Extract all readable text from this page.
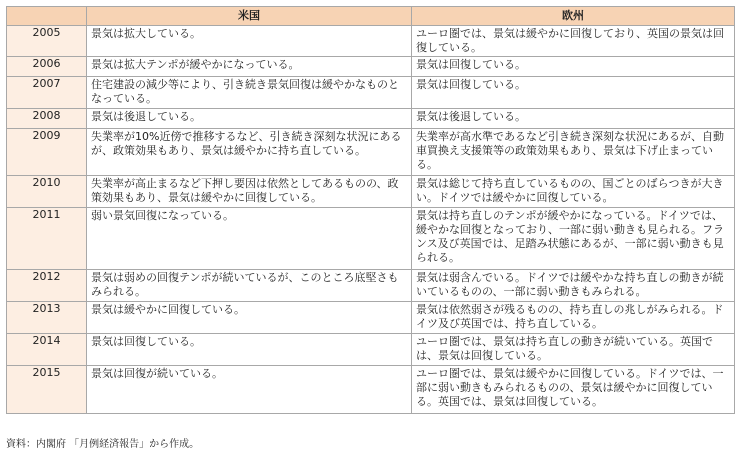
	米国	欧州
2005	景気は拡大している。	ユーロ圏では、景気は緩やかに回復しており、英国の景気は回復している。
2006	景気は拡大テンポが緩やかになっている。	景気は回復している。
2007	住宅建設の減少等により、引き続き景気回復は緩やかなものとなっている。	景気は回復している。
2008	景気は後退している。	景気は後退している。
2009	失業率が10%近傍で推移するなど、引き続き深刻な状況にあるが、政策効果もあり、景気は緩やかに持ち直している。	失業率が高水準であるなど引き続き深刻な状況にあるが、自動車買換え支援策等の政策効果もあり、景気は下げ止まっている。
2010	失業率が高止まるなど下押し要因は依然としてあるものの、政策効果もあり、景気は緩やかに回復している。	景気は総じて持ち直しているものの、国ごとのばらつきが大きい。ドイツでは緩やかに回復している。
2011	弱い景気回復になっている。	景気は持ち直しのテンポが緩やかになっている。ドイツでは、緩やかな回復となっており、一部に弱い動きも見られる。フランス及び英国では、足踏み状態にあるが、一部に弱い動きも見られる。
2012	景気は弱めの回復テンポが続いているが、このところ底堅さもみられる。	景気は弱含んでいる。ドイツでは緩やかな持ち直しの動きが続いているものの、一部に弱い動きもみられる。
2013	景気は緩やかに回復している。	景気は依然弱さが残るものの、持ち直しの兆しがみられる。ドイツ及び英国では、持ち直している。
2014	景気は回復している。	ユーロ圏では、景気は持ち直しの動きが続いている。英国では、景気は回復している。
2015	景気は回復が続いている。	ユーロ圏では、景気は緩やかに回復している。ドイツでは、一部に弱い動きもみられるものの、景気は緩やかに回復している。英国では、景気は回復している。
資料：内閣府 「月例経済報告」から作成。
